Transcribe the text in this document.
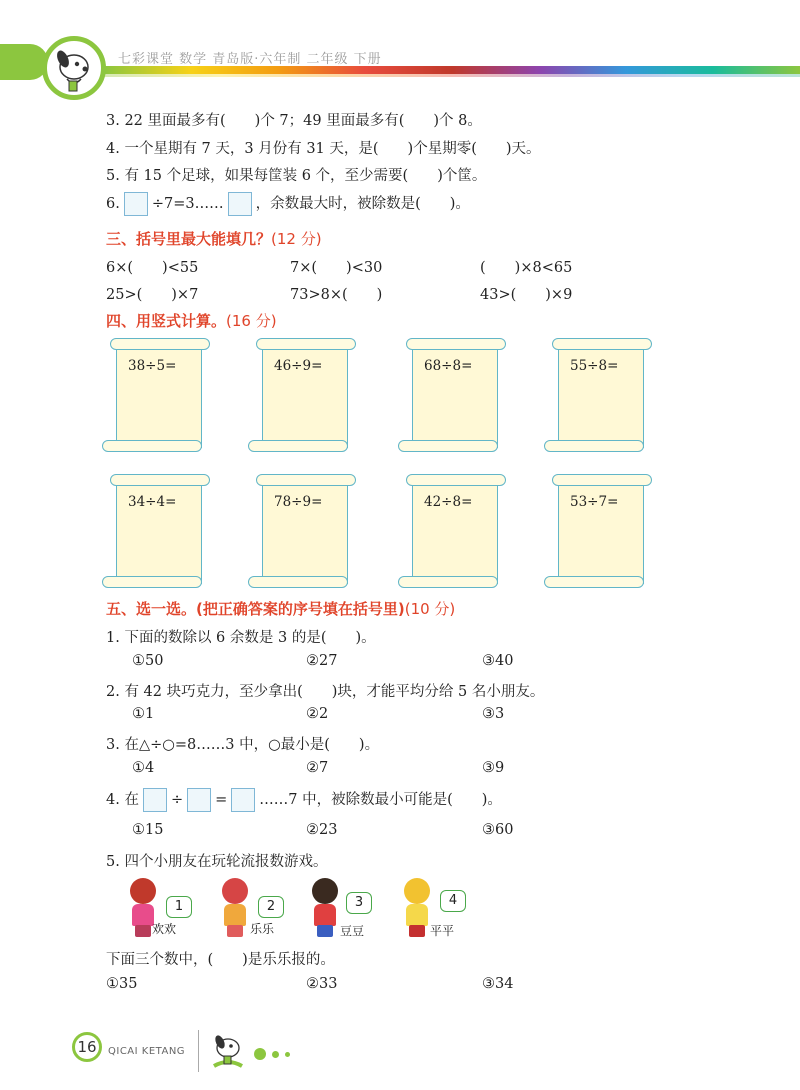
七彩课堂 数学 青岛版·六年制 二年级 下册
3. 22 里面最多有(　　)个 7；49 里面最多有(　　)个 8。
4. 一个星期有 7 天，3 月份有 31 天，是(　　)个星期零(　　)天。
5. 有 15 个足球，如果每筐装 6 个，至少需要(　　)个筐。
6. ÷7=3…… ，余数最大时，被除数是(　　)。
三、括号里最大能填几？(12 分)
6×(　　)<55	7×(　　)<30	(　　)×8<65
25>(　　)×7	73>8×(　　)	43>(　　)×9
四、用竖式计算。(16 分)
38÷5=	46÷9=	68÷8=	55÷8=
34÷4=	78÷9=	42÷8=	53÷7=
五、选一选。(把正确答案的序号填在括号里)(10 分)
1. 下面的数除以 6 余数是 3 的是(　　)。
①50	②27	③40
2. 有 42 块巧克力，至少拿出(　　)块，才能平均分给 5 名小朋友。
①1	②2	③3
3. 在△÷○=8……3 中，○最小是(　　)。
①4	②7	③9
4. 在 ÷ = ……7 中，被除数最小可能是(　　)。
①15	②23	③60
5. 四个小朋友在玩轮流报数游戏。
1
欢欢
2
乐乐
3
豆豆
4
平平
下面三个数中，(　　)是乐乐报的。
①35	②33	③34
16	QICAI KETANG
